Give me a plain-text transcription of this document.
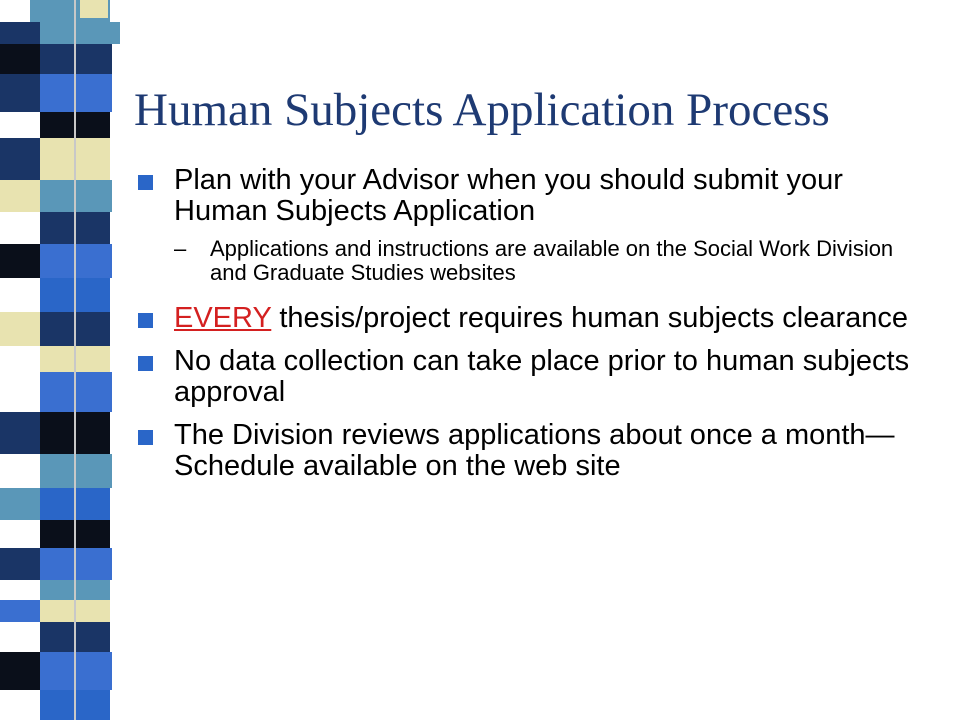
Human Subjects Application Process
Plan with your Advisor when you should submit your Human Subjects Application
– Applications and instructions are available on the Social Work Division and Graduate Studies websites
EVERY thesis/project requires human subjects clearance
No data collection can take place prior to human subjects approval
The Division reviews applications about once a month—Schedule available on the web site
